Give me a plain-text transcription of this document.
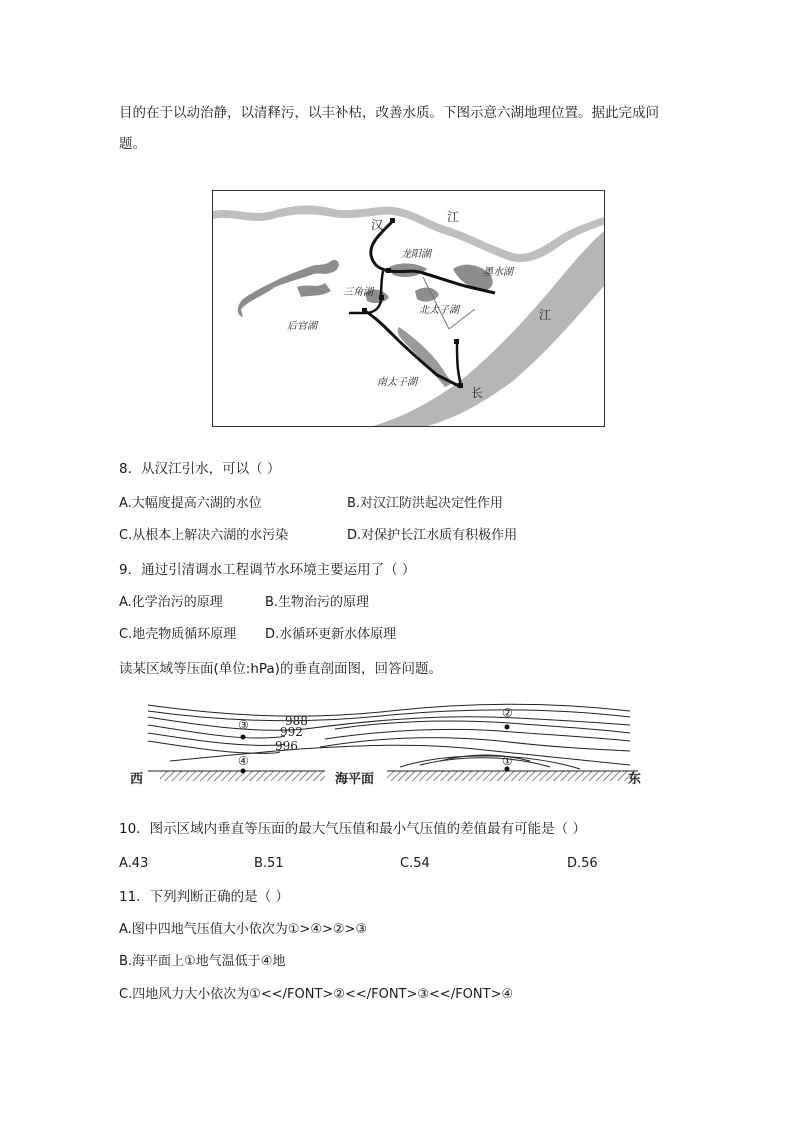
目的在于以动治静，以清释污，以丰补枯，改善水质。下图示意六湖地理位置。据此完成问
题。
汉
江
龙阳湖
墨水湖
三角湖
北太子湖	江
后官湖
南太子湖
长
8．从汉江引水，可以（ ）
A.大幅度提高六湖的水位	B.对汉江防洪起决定性作用
C.从根本上解决六湖的水污染	D.对保护长江水质有积极作用
9．通过引清调水工程调节水环境主要运用了（ ）
A.化学治污的原理	B.生物治污的原理
C.地壳物质循环原理 D.水循环更新水体原理
读某区域等压面(单位:hPa)的垂直剖面图，回答问题。
③
②
④	①
988
992
996
西	海平面	东
10．图示区域内垂直等压面的最大气压值和最小气压值的差值最有可能是（ ）
A.43	B.51	C.54	D.56
11．下列判断正确的是（ ）
A.图中四地气压值大小依次为①>④>②>③
B.海平面上①地气温低于④地
C.四地风力大小依次为①<</FONT>②<</FONT>③<</FONT>④
